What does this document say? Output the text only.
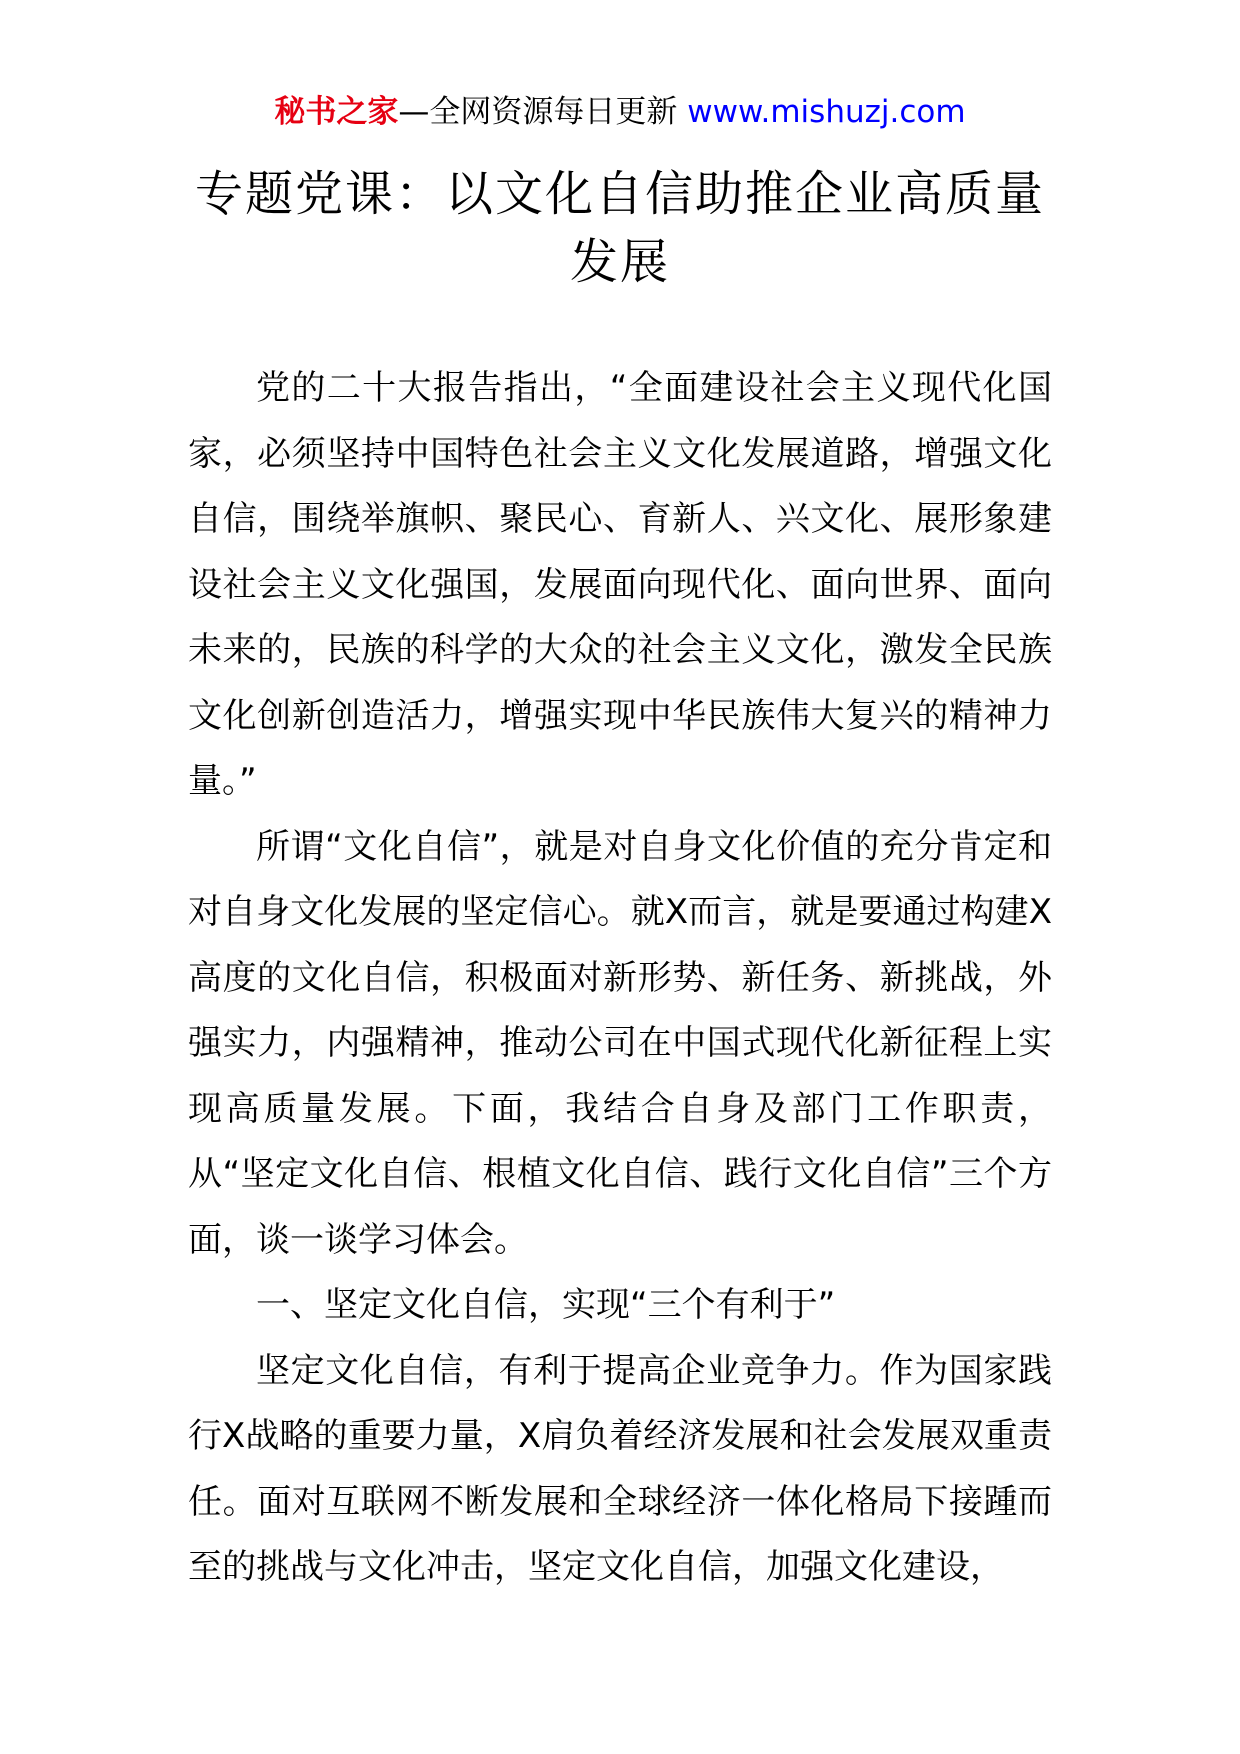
秘书之家—全网资源每日更新 www.mishuzj.com
专题党课：以文化自信助推企业高质量发展

党的二十大报告指出，“全面建设社会主义现代化国家，必须坚持中国特色社会主义文化发展道路，增强文化自信，围绕举旗帜、聚民心、育新人、兴文化、展形象建设社会主义文化强国，发展面向现代化、面向世界、面向未来的，民族的科学的大众的社会主义文化，激发全民族文化创新创造活力，增强实现中华民族伟大复兴的精神力量。”

所谓“文化自信”，就是对自身文化价值的充分肯定和对自身文化发展的坚定信心。就X而言，就是要通过构建X高度的文化自信，积极面对新形势、新任务、新挑战，外强实力，内强精神，推动公司在中国式现代化新征程上实现高质量发展。下面，我结合自身及部门工作职责，从“坚定文化自信、根植文化自信、践行文化自信”三个方面，谈一谈学习体会。

一、坚定文化自信，实现“三个有利于”

坚定文化自信，有利于提高企业竞争力。作为国家践行X战略的重要力量，X肩负着经济发展和社会发展双重责任。面对互联网不断发展和全球经济一体化格局下接踵而至的挑战与文化冲击，坚定文化自信，加强文化建设，
